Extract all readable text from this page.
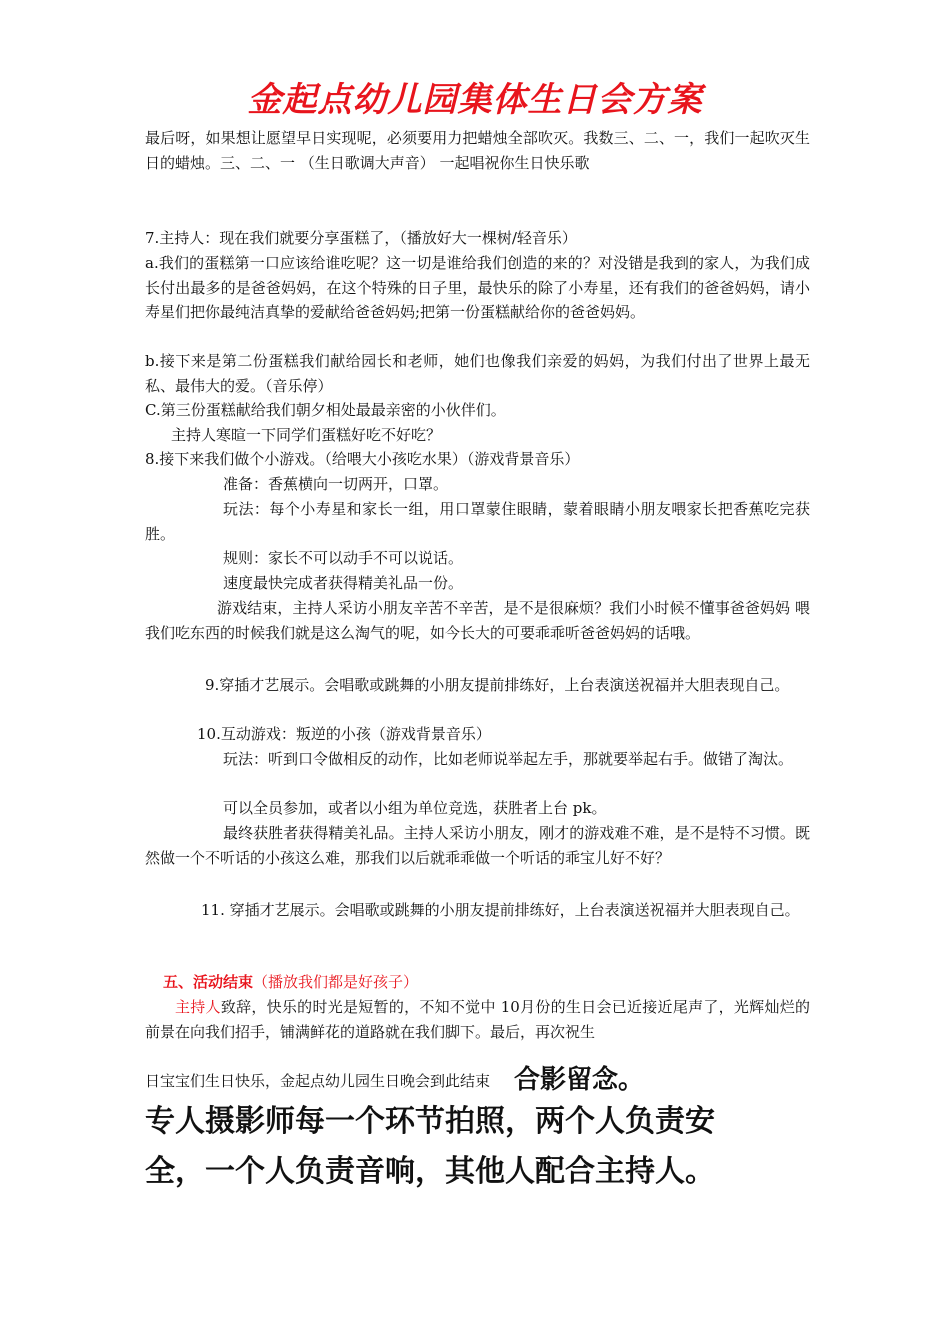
金起点幼儿园集体生日会方案

最后呀，如果想让愿望早日实现呢，必须要用力把蜡烛全部吹灭。我数三、二、一，我们一起吹灭生日的蜡烛。三、二、一 （生日歌调大声音） 一起唱祝你生日快乐歌

7.主持人：现在我们就要分享蛋糕了，（播放好大一棵树/轻音乐）

a.我们的蛋糕第一口应该给谁吃呢？这一切是谁给我们创造的来的？对没错是我到的家人，为我们成长付出最多的是爸爸妈妈，在这个特殊的日子里，最快乐的除了小寿星，还有我们的爸爸妈妈，请小寿星们把你最纯洁真挚的爱献给爸爸妈妈;把第一份蛋糕献给你的爸爸妈妈。

b.接下来是第二份蛋糕我们献给园长和老师，她们也像我们亲爱的妈妈，为我们付出了世界上最无私、最伟大的爱。（音乐停）

C.第三份蛋糕献给我们朝夕相处最最亲密的小伙伴们。

主持人寒暄一下同学们蛋糕好吃不好吃？

8.接下来我们做个小游戏。（给喂大小孩吃水果）（游戏背景音乐）

准备：香蕉横向一切两开，口罩。

玩法：每个小寿星和家长一组，用口罩蒙住眼睛，蒙着眼睛小朋友喂家长把香蕉吃完获胜。

规则：家长不可以动手不可以说话。

速度最快完成者获得精美礼品一份。

游戏结束，主持人采访小朋友辛苦不辛苦，是不是很麻烦？我们小时候不懂事爸爸妈妈 喂我们吃东西的时候我们就是这么淘气的呢，如今长大的可要乖乖听爸爸妈妈的话哦。

9.穿插才艺展示。会唱歌或跳舞的小朋友提前排练好，上台表演送祝福并大胆表现自己。

10.互动游戏：叛逆的小孩（游戏背景音乐）

玩法：听到口令做相反的动作，比如老师说举起左手，那就要举起右手。做错了淘汰。

可以全员参加，或者以小组为单位竞选，获胜者上台 pk。

最终获胜者获得精美礼品。主持人采访小朋友，刚才的游戏难不难，是不是特不习惯。既然做一个不听话的小孩这么难，那我们以后就乖乖做一个听话的乖宝儿好不好？

11. 穿插才艺展示。会唱歌或跳舞的小朋友提前排练好，上台表演送祝福并大胆表现自己。

五、活动结束（播放我们都是好孩子）

主持人致辞，快乐的时光是短暂的，不知不觉中 10月份的生日会已近接近尾声了，光辉灿烂的前景在向我们招手，铺满鲜花的道路就在我们脚下。最后，再次祝生

日宝宝们生日快乐，金起点幼儿园生日晚会到此结束 合影留念。

专人摄影师每一个环节拍照，两个人负责安
全，一个人负责音响，其他人配合主持人。
